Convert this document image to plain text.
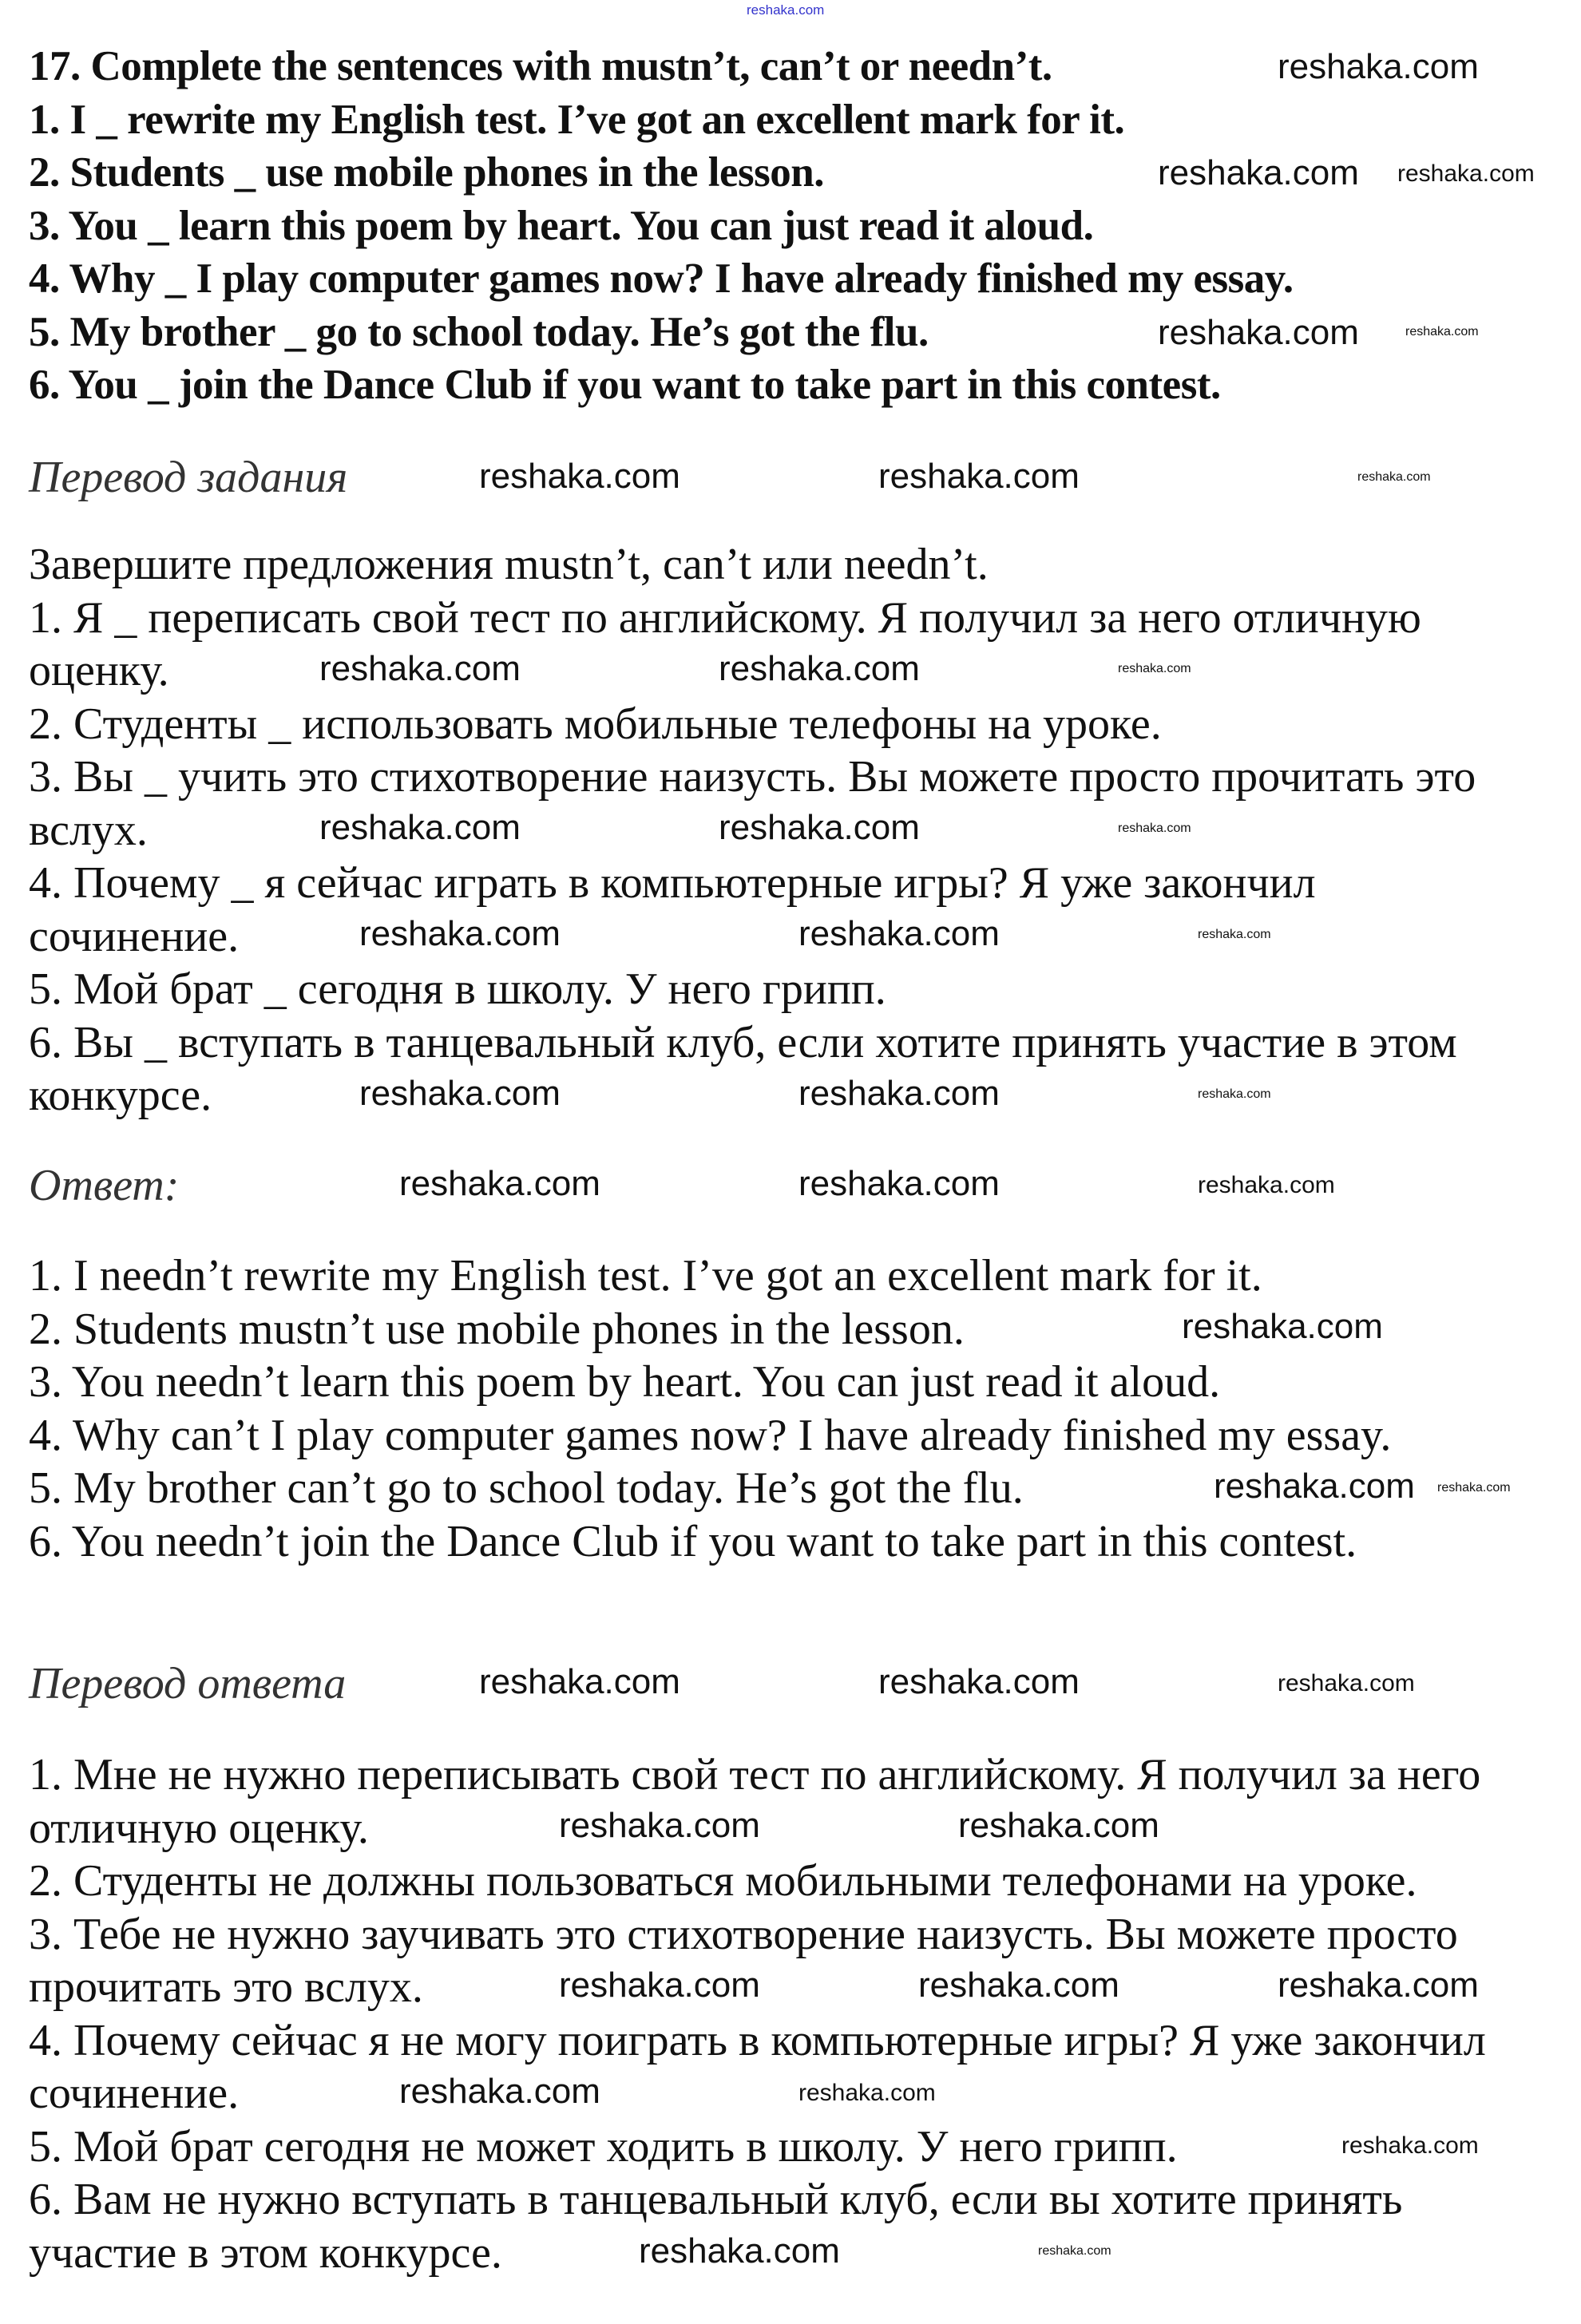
reshaka.com
17. Complete the sentences with mustn’t, can’t or needn’t.
1. I _ rewrite my English test. I’ve got an excellent mark for it.
2. Students _ use mobile phones in the lesson.
3. You _ learn this poem by heart. You can just read it aloud.
4. Why _ I play computer games now? I have already finished my essay.
5. My brother _ go to school today. He’s got the flu.
6. You _ join the Dance Club if you want to take part in this contest.
Перевод задания
Завершите предложения mustn’t, can’t или needn’t.
1. Я _ переписать свой тест по английскому. Я получил за него отличную
оценку.
2. Студенты _ использовать мобильные телефоны на уроке.
3. Вы _ учить это стихотворение наизусть. Вы можете просто прочитать это
вслух.
4. Почему _ я сейчас играть в компьютерные игры? Я уже закончил
сочинение.
5. Мой брат _ сегодня в школу. У него грипп.
6. Вы _ вступать в танцевальный клуб, если хотите принять участие в этом
конкурсе.
Ответ:
1. I needn’t rewrite my English test. I’ve got an excellent mark for it.
2. Students mustn’t use mobile phones in the lesson.
3. You needn’t learn this poem by heart. You can just read it aloud.
4. Why can’t I play computer games now? I have already finished my essay.
5. My brother can’t go to school today. He’s got the flu.
6. You needn’t join the Dance Club if you want to take part in this contest.
Перевод ответа
1. Мне не нужно переписывать свой тест по английскому. Я получил за него
отличную оценку.
2. Студенты не должны пользоваться мобильными телефонами на уроке.
3. Тебе не нужно заучивать это стихотворение наизусть. Вы можете просто
прочитать это вслух.
4. Почему сейчас я не могу поиграть в компьютерные игры? Я уже закончил
сочинение.
5. Мой брат сегодня не может ходить в школу. У него грипп.
6. Вам не нужно вступать в танцевальный клуб, если вы хотите принять
участие в этом конкурсе.
reshaka.com
reshaka.com reshaka.com
reshaka.com	reshaka.com
reshaka.com	reshaka.com	reshaka.com
reshaka.com	reshaka.com	reshaka.com
reshaka.com	reshaka.com	reshaka.com
reshaka.com	reshaka.com	reshaka.com
reshaka.com	reshaka.com	reshaka.com
reshaka.com	reshaka.com	reshaka.com
reshaka.com
reshaka.com reshaka.com
reshaka.com	reshaka.com	reshaka.com
reshaka.com	reshaka.com
reshaka.com	reshaka.com	reshaka.com
reshaka.com	reshaka.com
reshaka.com
reshaka.com	reshaka.com
